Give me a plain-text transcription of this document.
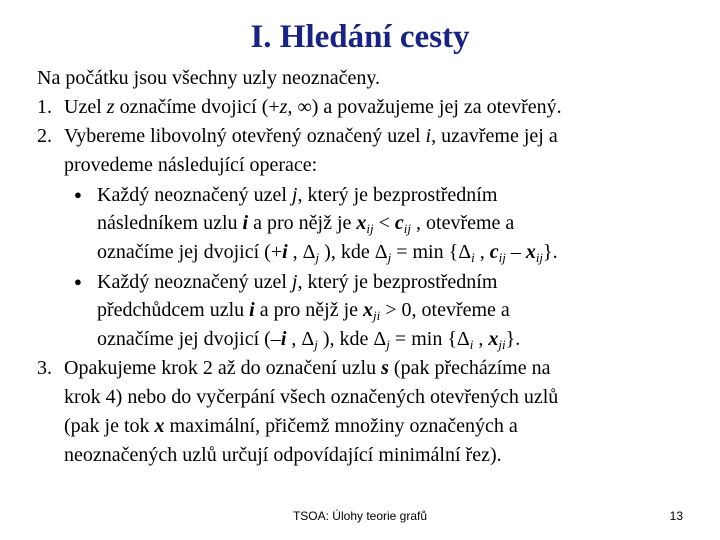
I. Hledání cesty
Na počátku jsou všechny uzly neoznačeny.
1. Uzel z označíme dvojicí (+z, ∞) a považujeme jej za otevřený.
2. Vybereme libovolný otevřený označený uzel i, uzavřeme jej a
provedeme následující operace:
● Každý neoznačený uzel j, který je bezprostředním
následníkem uzlu i a pro nějž je $x_{ij} < c_{ij}$ , otevřeme a
označíme jej dvojicí (+i , $\Delta_j$ ), kde $\Delta_j = \min \{\Delta_i$ , $c_{ij} - x_{ij}$}.
● Každý neoznačený uzel j, který je bezprostředním
předchůdcem uzlu i a pro nějž je $x_{ji} > 0$, otevřeme a
označíme jej dvojicí (–i , $\Delta_j$ ), kde $\Delta_j = \min \{\Delta_i$ , $x_{ji}$}.
3. Opakujeme krok 2 až do označení uzlu s (pak přecházíme na
krok 4) nebo do vyčerpání všech označených otevřených uzlů
(pak je tok x maximální, přičemž množiny označených a
neoznačených uzlů určují odpovídající minimální řez).
TSOA: Úlohy teorie grafů	13
